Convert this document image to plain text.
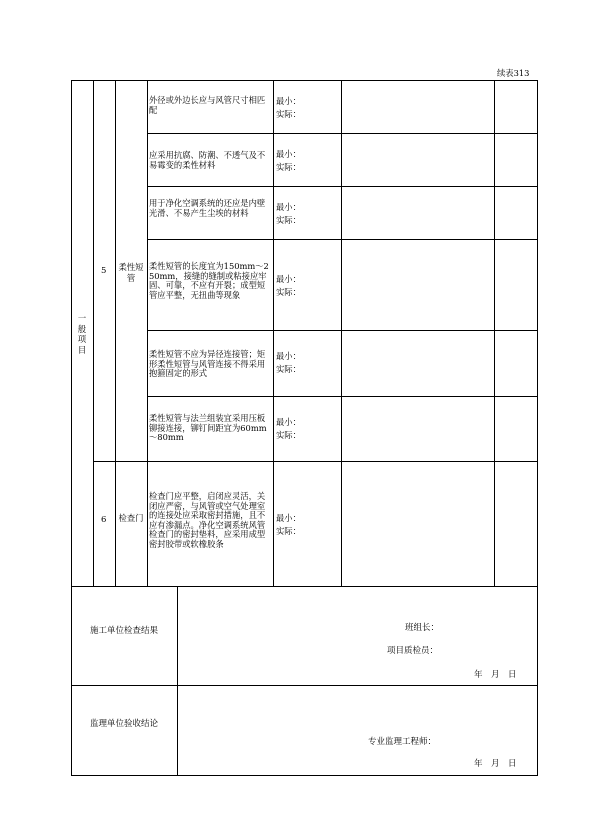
续表313
一般项目
5 柔性短管
6 检查门
外径或外边长应与风管尺寸相匹配
应采用抗腐、防潮、不透气及不易霉变的柔性材料
用于净化空调系统的还应是内壁光滑、不易产生尘埃的材料
柔性短管的长度宜为150mm～250mm，接缝的缝制或粘接应牢固、可靠，不应有开裂；成型短管应平整，无扭曲等现象
柔性短管不应为异径连接管；矩形柔性短管与风管连接不得采用抱箍固定的形式
柔性短管与法兰组装宜采用压板铆接连接，铆钉间距宜为60mm～80mm
检查门应平整，启闭应灵活，关闭应严密，与风管或空气处理室的连接处应采取密封措施，且不应有渗漏点。净化空调系统风管检查门的密封垫料，应采用成型密封胶带或软橡胶条
最小：
实际：
最小：
实际：
最小：
实际：
最小：
实际：
最小：
实际：
最小：
实际：
最小：
实际：
施工单位检查结果	班组长：
项目质检员：
年　月　日
监理单位验收结论
专业监理工程师：
年　月　日
